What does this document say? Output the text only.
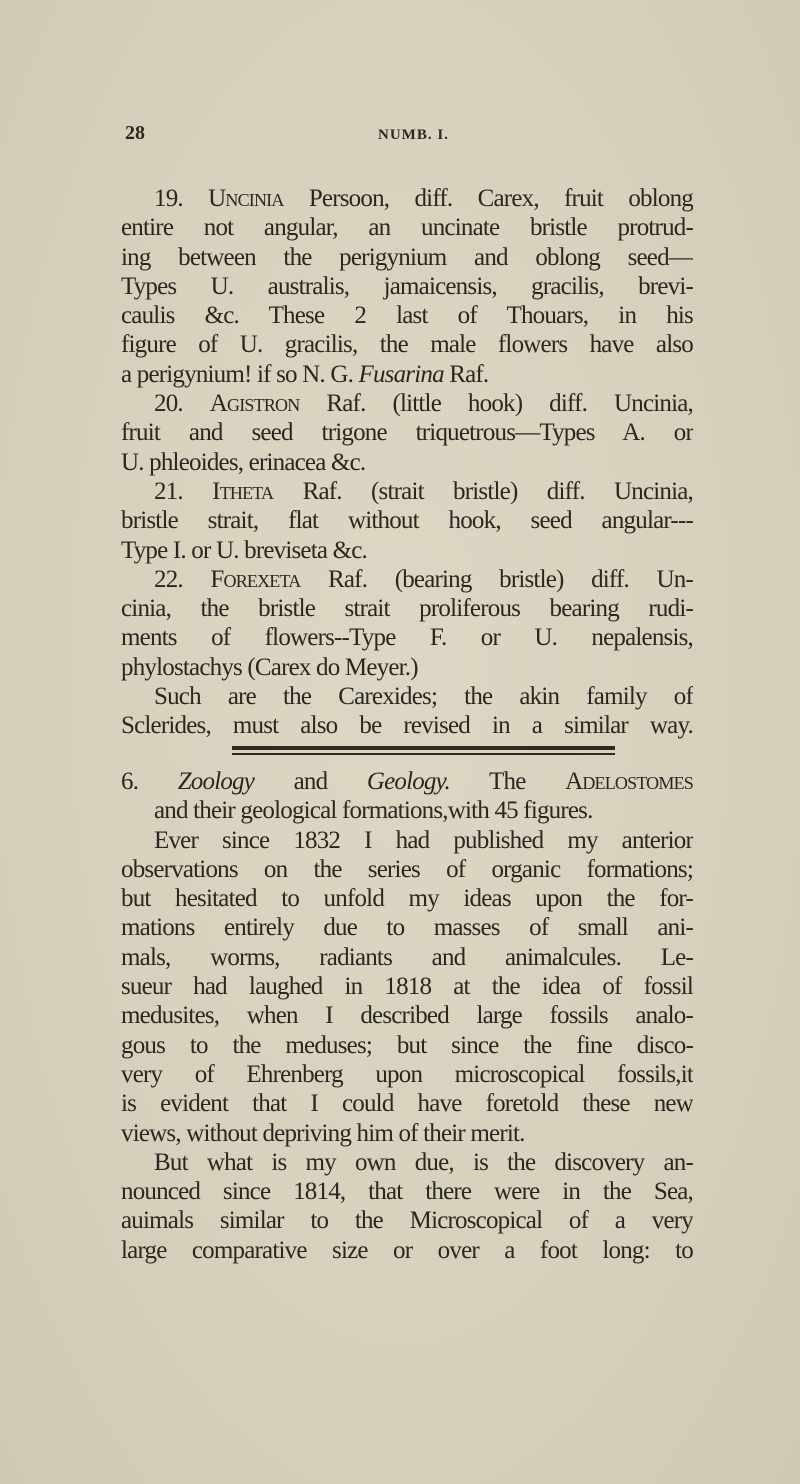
28	NUMB. I.
19. Uncinia Persoon, diff. Carex, fruit oblong
entire not angular, an uncinate bristle protrud-
ing between the perigynium and oblong seed—
Types U. australis, jamaicensis, gracilis, brevi-
caulis &c. These 2 last of Thouars, in his
figure of U. gracilis, the male flowers have also
a perigynium! if so N. G. Fusarina Raf.
20. Agistron Raf. (little hook) diff. Uncinia,
fruit and seed trigone triquetrous—Types A. or
U. phleoides, erinacea &c.
21. Itheta Raf. (strait bristle) diff. Uncinia,
bristle strait, flat without hook, seed angular---
Type I. or U. breviseta &c.
22. Forexeta Raf. (bearing bristle) diff. Un-
cinia, the bristle strait proliferous bearing rudi-
ments of flowers--Type F. or U. nepalensis,
phylostachys (Carex do Meyer.)
Such are the Carexides; the akin family of
Sclerides, must also be revised in a similar way.
6. Zoology and Geology. The Adelostomes
and their geological formations,with 45 figures.
Ever since 1832 I had published my anterior
observations on the series of organic formations;
but hesitated to unfold my ideas upon the for-
mations entirely due to masses of small ani-
mals, worms, radiants and animalcules. Le-
sueur had laughed in 1818 at the idea of fossil
medusites, when I described large fossils analo-
gous to the meduses; but since the fine disco-
very of Ehrenberg upon microscopical fossils,it
is evident that I could have foretold these new
views, without depriving him of their merit.
But what is my own due, is the discovery an-
nounced since 1814, that there were in the Sea,
auimals similar to the Microscopical of a very
large comparative size or over a foot long: to
